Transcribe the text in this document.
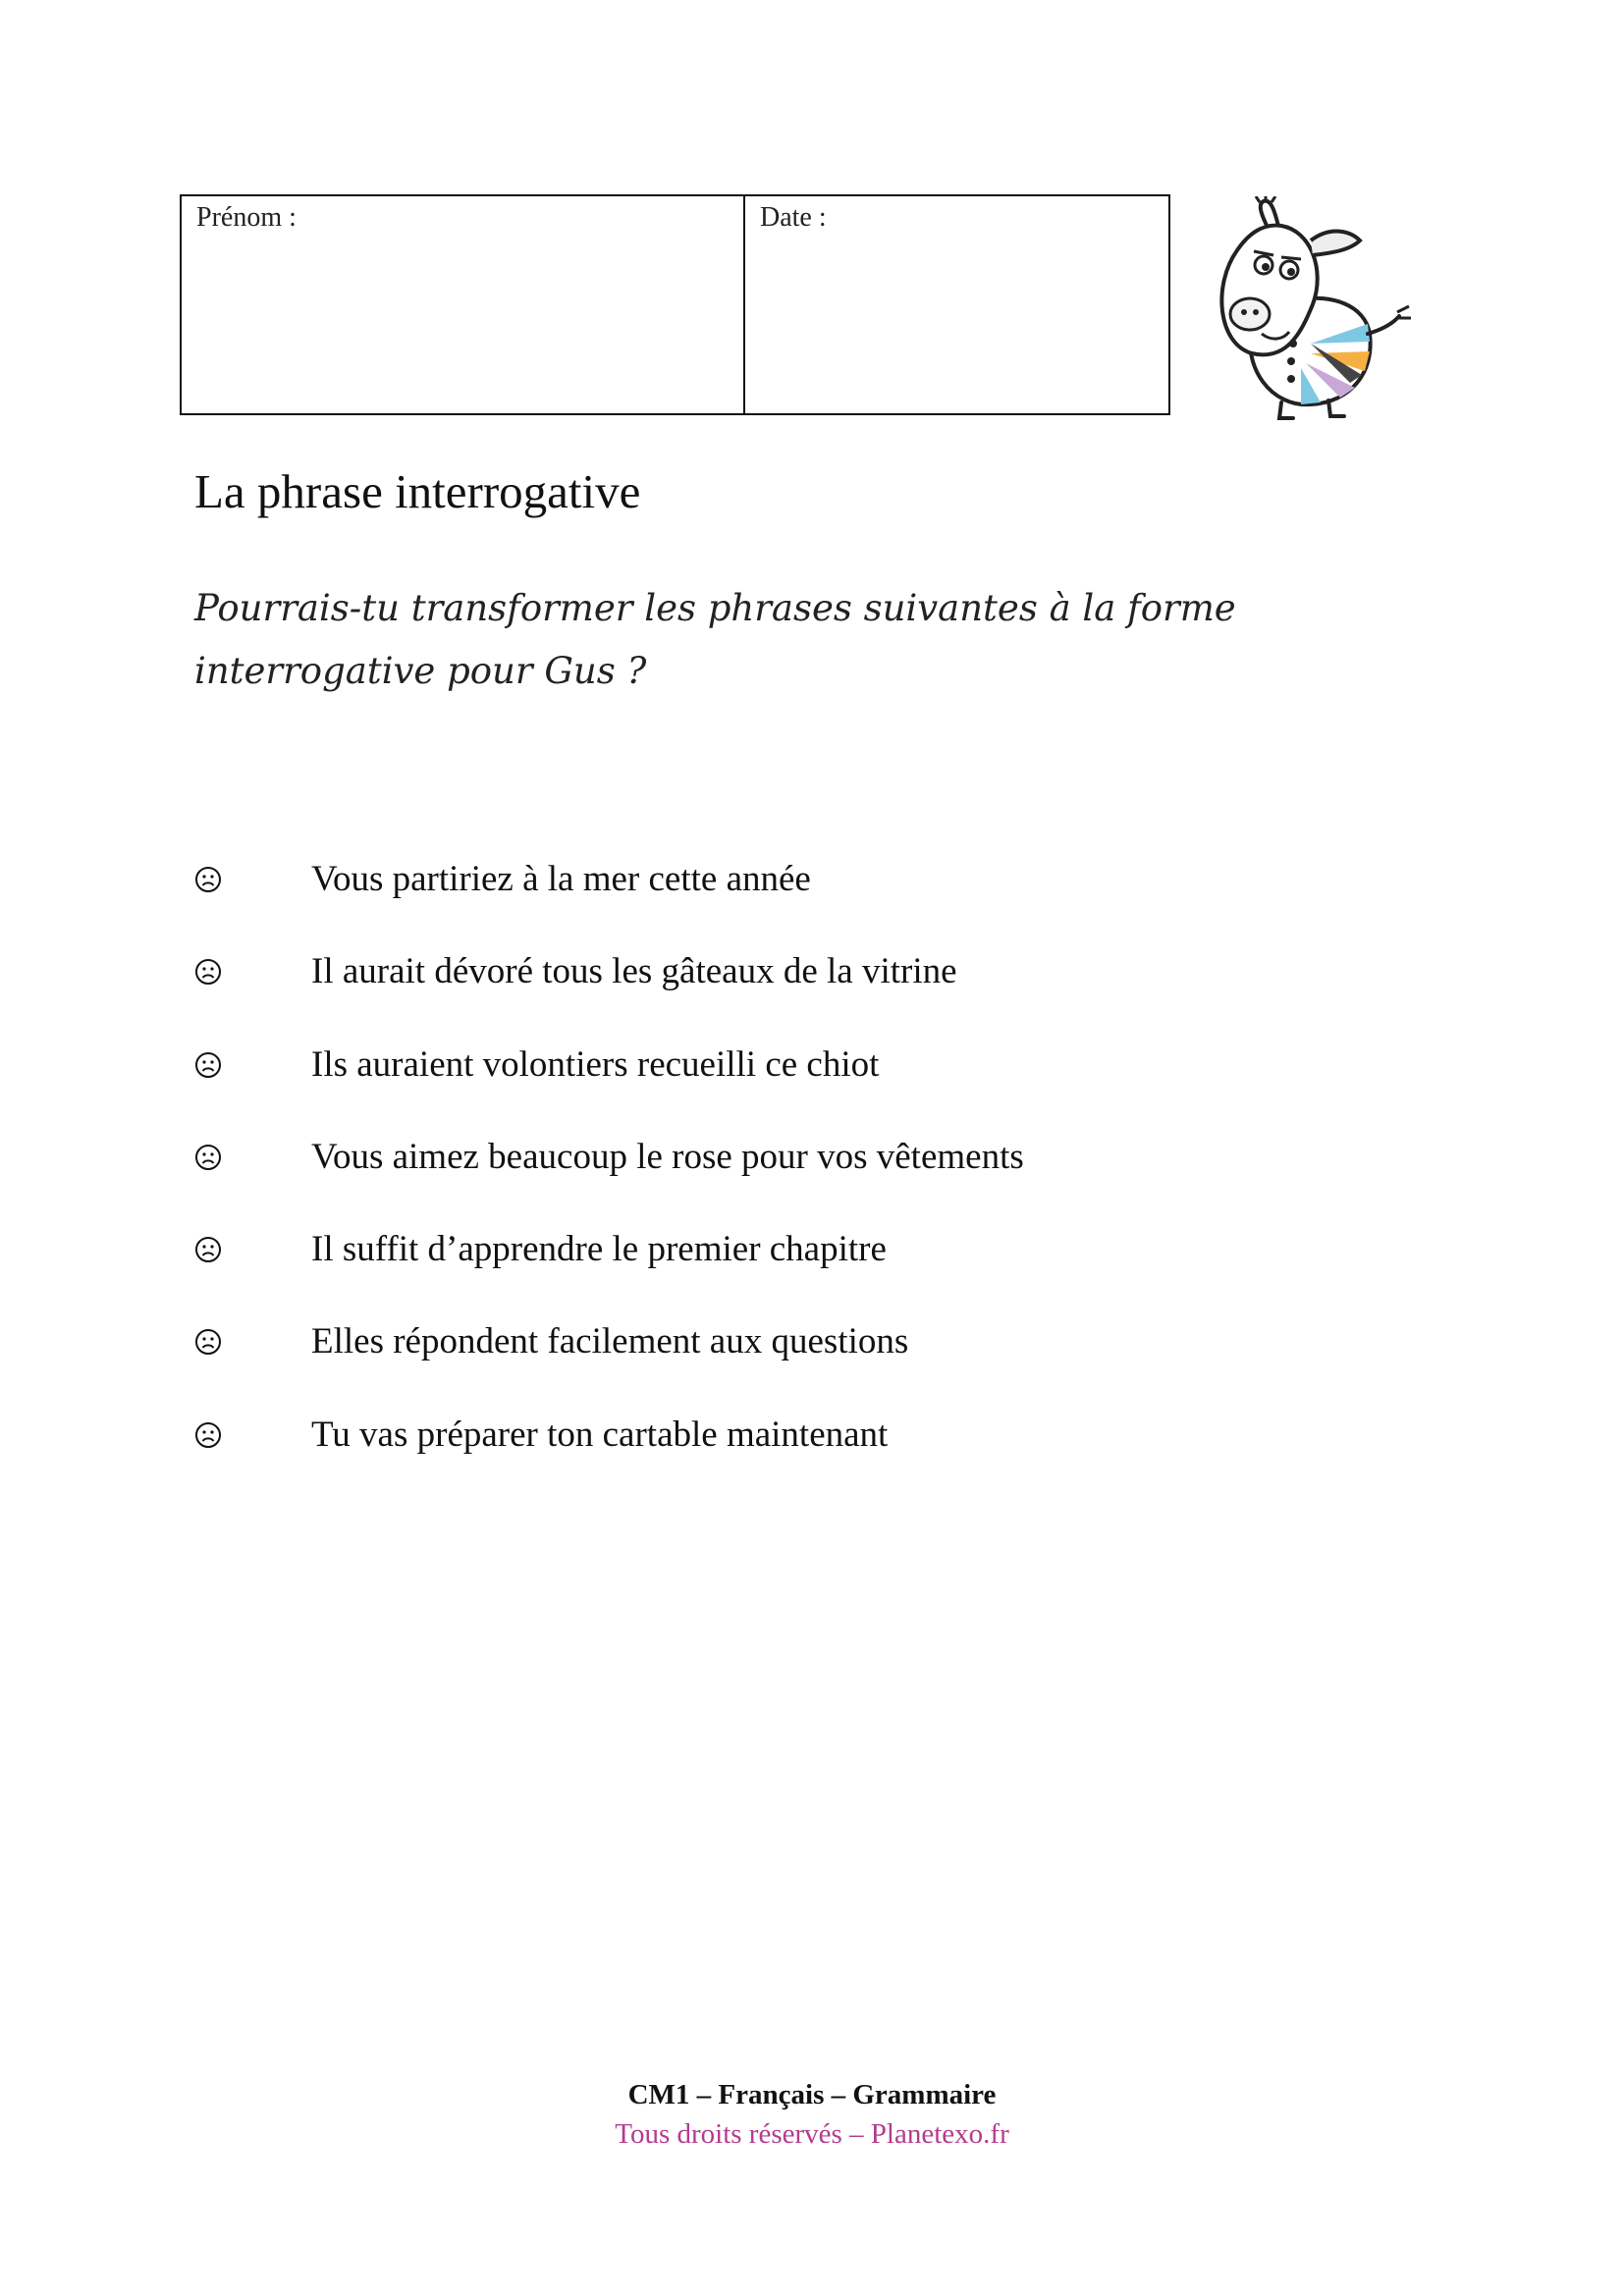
Prénom :	Date :
La phrase interrogative

Pourrais-tu transformer les phrases suivantes à la forme interrogative pour Gus ?

Vous partiriez à la mer cette année
Il aurait dévoré tous les gâteaux de la vitrine
Ils auraient volontiers recueilli ce chiot
Vous aimez beaucoup le rose pour vos vêtements
Il suffit d’apprendre le premier chapitre
Elles répondent facilement aux questions
Tu vas préparer ton cartable maintenant
CM1 – Français – Grammaire
Tous droits réservés – Planetexo.fr
